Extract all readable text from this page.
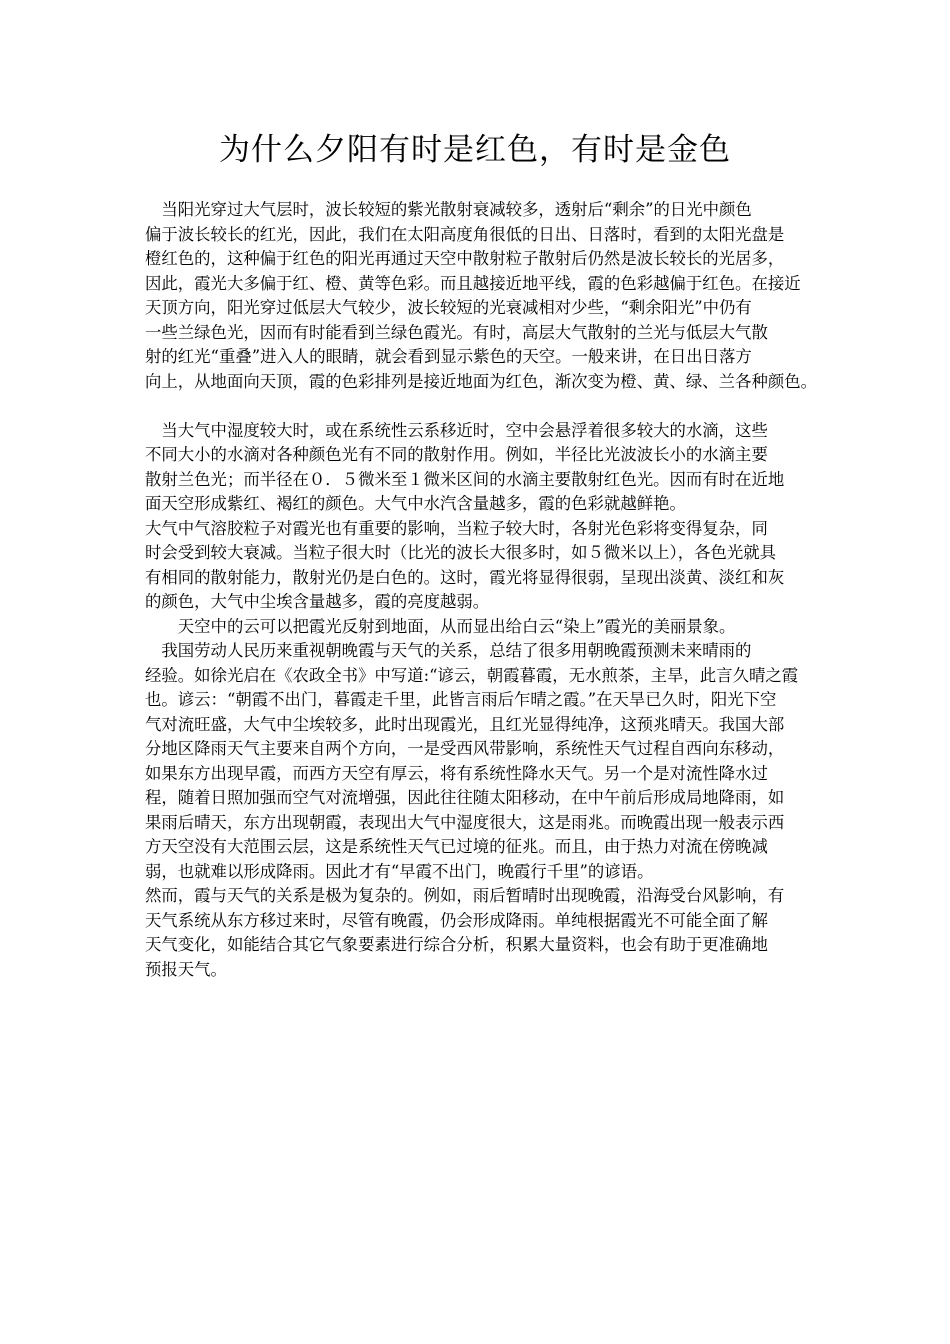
为什么夕阳有时是红色，有时是金色
　当阳光穿过大气层时，波长较短的紫光散射衰减较多，透射后“剩余”的日光中颜色
偏于波长较长的红光，因此，我们在太阳高度角很低的日出、日落时，看到的太阳光盘是
橙红色的，这种偏于红色的阳光再通过天空中散射粒子散射后仍然是波长较长的光居多，
因此，霞光大多偏于红、橙、黄等色彩。而且越接近地平线，霞的色彩越偏于红色。在接近
天顶方向，阳光穿过低层大气较少，波长较短的光衰减相对少些，“剩余阳光”中仍有
一些兰绿色光，因而有时能看到兰绿色霞光。有时，高层大气散射的兰光与低层大气散
射的红光“重叠”进入人的眼睛，就会看到显示紫色的天空。一般来讲，在日出日落方
向上，从地面向天顶，霞的色彩排列是接近地面为红色，渐次变为橙、黄、绿、兰各种颜色。
　当大气中湿度较大时，或在系统性云系移近时，空中会悬浮着很多较大的水滴，这些
不同大小的水滴对各种颜色光有不同的散射作用。例如，半径比光波波长小的水滴主要
散射兰色光；而半径在０．５微米至１微米区间的水滴主要散射红色光。因而有时在近地
面天空形成紫红、褐红的颜色。大气中水汽含量越多，霞的色彩就越鲜艳。
大气中气溶胶粒子对霞光也有重要的影响，当粒子较大时，各射光色彩将变得复杂，同
时会受到较大衰减。当粒子很大时（比光的波长大很多时，如５微米以上），各色光就具
有相同的散射能力，散射光仍是白色的。这时，霞光将显得很弱，呈现出淡黄、淡红和灰
的颜色，大气中尘埃含量越多，霞的亮度越弱。
　　天空中的云可以把霞光反射到地面，从而显出给白云“染上”霞光的美丽景象。
　我国劳动人民历来重视朝晚霞与天气的关系，总结了很多用朝晚霞预测未来晴雨的
经验。如徐光启在《农政全书》中写道:“谚云，朝霞暮霞，无水煎茶，主旱，此言久晴之霞
也。谚云：“朝霞不出门，暮霞走千里，此皆言雨后乍晴之霞。”在天旱已久时，阳光下空
气对流旺盛，大气中尘埃较多，此时出现霞光，且红光显得纯净，这预兆晴天。我国大部
分地区降雨天气主要来自两个方向，一是受西风带影响，系统性天气过程自西向东移动，
如果东方出现早霞，而西方天空有厚云，将有系统性降水天气。另一个是对流性降水过
程，随着日照加强而空气对流增强，因此往往随太阳移动，在中午前后形成局地降雨，如
果雨后晴天，东方出现朝霞，表现出大气中湿度很大，这是雨兆。而晚霞出现一般表示西
方天空没有大范围云层，这是系统性天气已过境的征兆。而且，由于热力对流在傍晚减
弱，也就难以形成降雨。因此才有“早霞不出门，晚霞行千里”的谚语。
然而，霞与天气的关系是极为复杂的。例如，雨后暂晴时出现晚霞，沿海受台风影响，有
天气系统从东方移过来时，尽管有晚霞，仍会形成降雨。单纯根据霞光不可能全面了解
天气变化，如能结合其它气象要素进行综合分析，积累大量资料，也会有助于更准确地
预报天气。
